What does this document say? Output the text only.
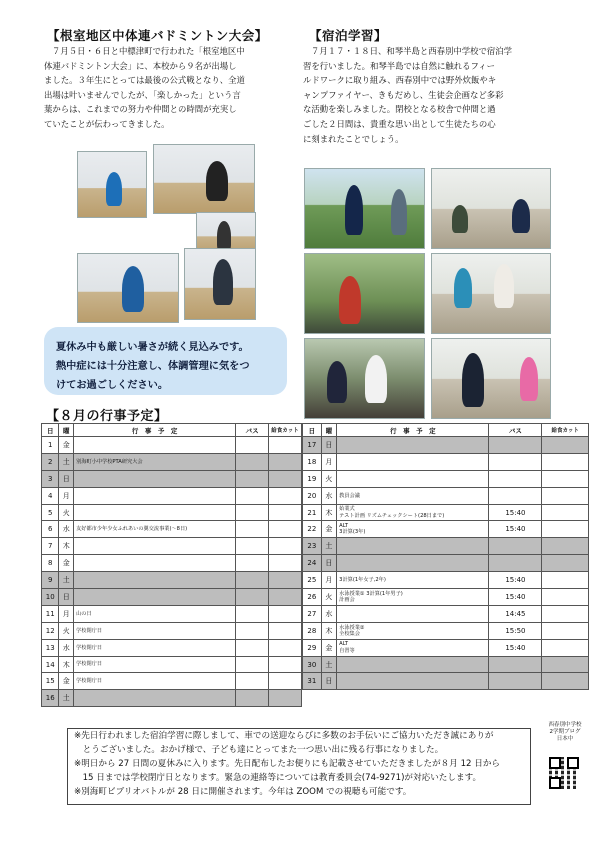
【根室地区中体連バドミントン大会】
７月５日・６日と中標津町で行われた「根室地区中
体連バドミントン大会」に、本校から９名が出場し
ました。３年生にとっては最後の公式戦となり、全道
出場は叶いませんでしたが、「楽しかった」という言
葉からは、これまでの努力や仲間との時間が充実し
ていたことが伝わってきました。
夏休み中も厳しい暑さが続く見込みです。
熱中症には十分注意し、体調管理に気をつ
けてお過ごしください。
【宿泊学習】
７月１７・１８日、和琴半島と西春別中学校で宿泊学
習を行いました。和琴半島では自然に触れるフィー
ルドワークに取り組み、西春別中では野外炊飯やキ
ャンプファイヤー、きもだめし、生徒会企画など多彩
な活動を楽しみました。閉校となる校舎で仲間と過
ごした２日間は、貴重な思い出として生徒たちの心
に刻まれたことでしょう。
【８月の行事予定】
日	曜	行　事　予　定	バス	給食カット
1	金			
2	土	別海町小中学校PTA研究大会		
3	日			
4	月			
5	火			
6	水	友好都市少年少女ふれあいの翼交流事業(～8日)		
7	木			
8	金			
9	土			
10	日			
11	月	山の日		
12	火	学校閉庁日		
13	水	学校閉庁日		
14	木	学校閉庁日		
15	金	学校閉庁日		
16	土			
日	曜	行　事　予　定	バス	給食カット
17	日			
18	月			
19	火			
20	水	教員会議		
21	木	始業式
テスト計画 リズムチェックシート(28日まで)	15:40	
22	金	ALT
3計算(3年)	15:40	
23	土			
24	日			
25	月	3計算(1年女子,2年)	15:40	
26	火	水泳授業① 3計算(1年男子)
計画会	15:40	
27	水		14:45	
28	木	水泳授業②
全校集会	15:50	
29	金	ALT
自習等	15:40	
30	土			
31	日			
※先日行われました宿泊学習に際しまして、車での送迎ならびに多数のお手伝いにご協力いただき誠にありが
　とうございました。おかげ様で、子ども達にとってまた一つ思い出に残る行事になりました。
※明日から 27 日間の夏休みに入ります。先日配布したお便りにも記載させていただきましたが８月 12 日から
　15 日までは学校閉庁日となります。緊急の連絡等については教育委員会(74-9271)が対応いたします。
※別海町ビブリオバトルが 28 日に開催されます。今年は ZOOM での視聴も可能です。
西春別中学校
2学期ブログ
日本中
